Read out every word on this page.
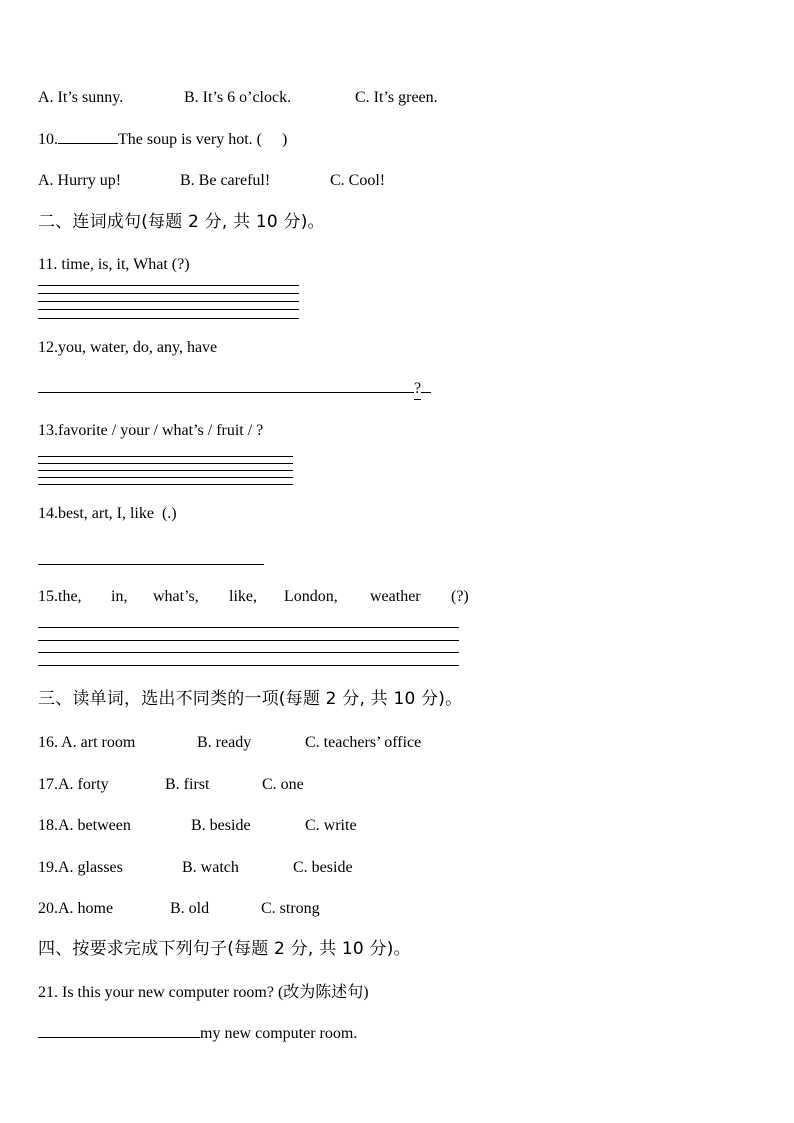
A. It’s sunny.	B. It’s 6 o’clock.	C. It’s green.
10.	The soup is very hot. (     )
A. Hurry up!	B. Be careful!	C. Cool!
二、连词成句(每题 2 分, 共 10 分)。
11. time, is, it, What (?)
12.you, water, do, any, have
?
13.favorite / your / what’s / fruit / ?
14.best, art, I, like  (.)
15.the, in, what’s, like, London, weather (?)
三、读单词，选出不同类的一项(每题 2 分, 共 10 分)。
16. A. art room	B. ready	C. teachers’ office
17.A. forty	B. first	C. one
18.A. between	B. beside	C. write
19.A. glasses	B. watch	C. beside
20.A. home	B. old	C. strong
四、按要求完成下列句子(每题 2 分, 共 10 分)。
21. Is this your new computer room? (改为陈述句)
my new computer room.
